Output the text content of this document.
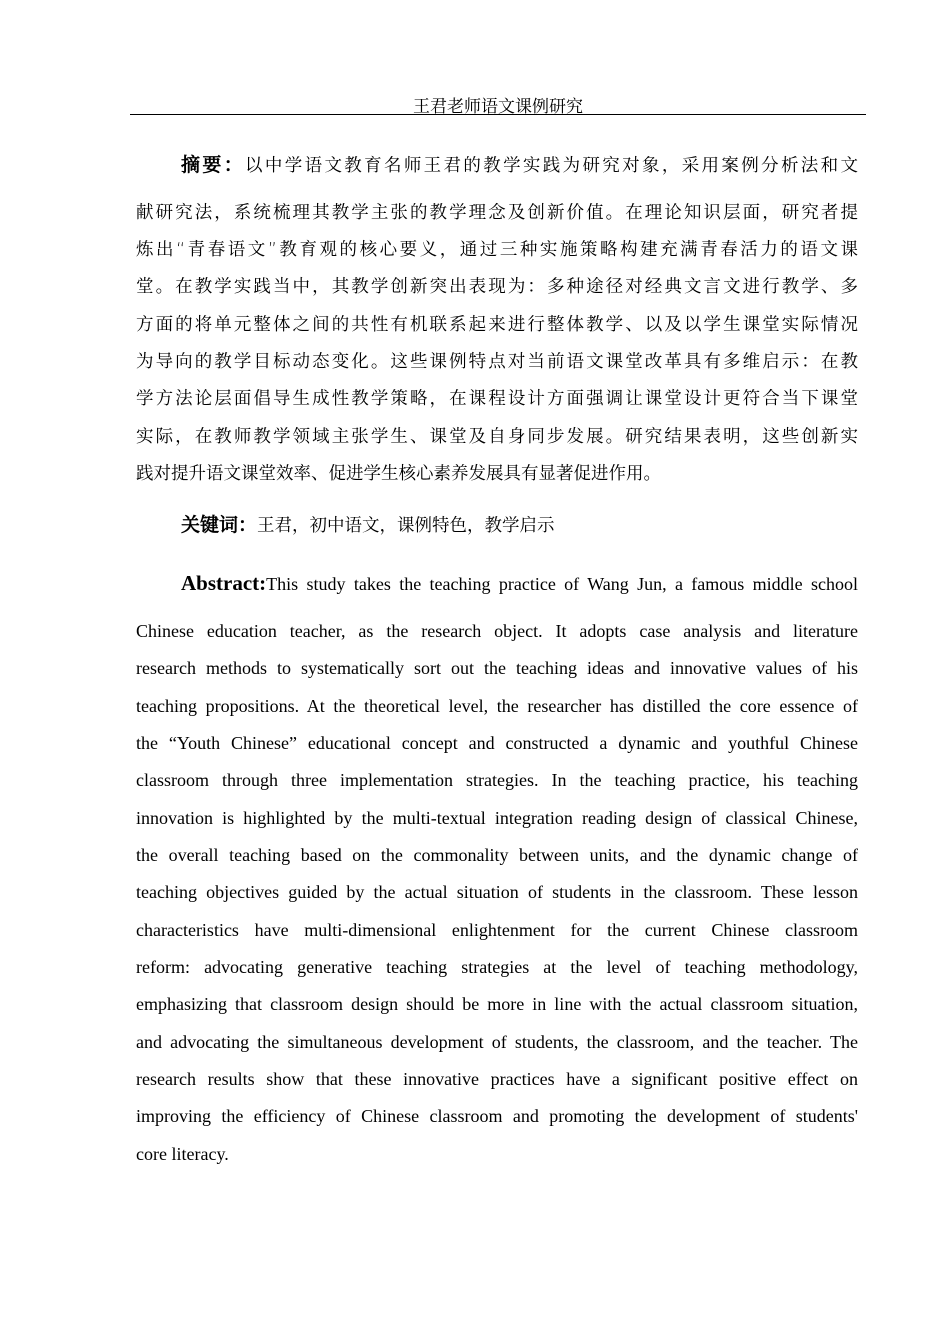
王君老师语文课例研究
摘要：以中学语文教育名师王君的教学实践为研究对象，采用案例分析法和文
献研究法，系统梳理其教学主张的教学理念及创新价值。在理论知识层面，研究者提
炼出“青春语文”教育观的核心要义，通过三种实施策略构建充满青春活力的语文课
堂。在教学实践当中，其教学创新突出表现为：多种途径对经典文言文进行教学、多
方面的将单元整体之间的共性有机联系起来进行整体教学、以及以学生课堂实际情况
为导向的教学目标动态变化。这些课例特点对当前语文课堂改革具有多维启示：在教
学方法论层面倡导生成性教学策略，在课程设计方面强调让课堂设计更符合当下课堂
实际，在教师教学领域主张学生、课堂及自身同步发展。研究结果表明，这些创新实
践对提升语文课堂效率、促进学生核心素养发展具有显著促进作用。
关键词：王君，初中语文，课例特色，教学启示
Abstract:This study takes the teaching practice of Wang Jun, a famous middle school
Chinese education teacher, as the research object. It adopts case analysis and literature
research methods to systematically sort out the teaching ideas and innovative values of his
teaching propositions. At the theoretical level, the researcher has distilled the core essence of
the “Youth Chinese” educational concept and constructed a dynamic and youthful Chinese
classroom through three implementation strategies. In the teaching practice, his teaching
innovation is highlighted by the multi-textual integration reading design of classical Chinese,
the overall teaching based on the commonality between units, and the dynamic change of
teaching objectives guided by the actual situation of students in the classroom. These lesson
characteristics have multi-dimensional enlightenment for the current Chinese classroom
reform: advocating generative teaching strategies at the level of teaching methodology,
emphasizing that classroom design should be more in line with the actual classroom situation,
and advocating the simultaneous development of students, the classroom, and the teacher. The
research results show that these innovative practices have a significant positive effect on
improving the efficiency of Chinese classroom and promoting the development of students'
core literacy.
